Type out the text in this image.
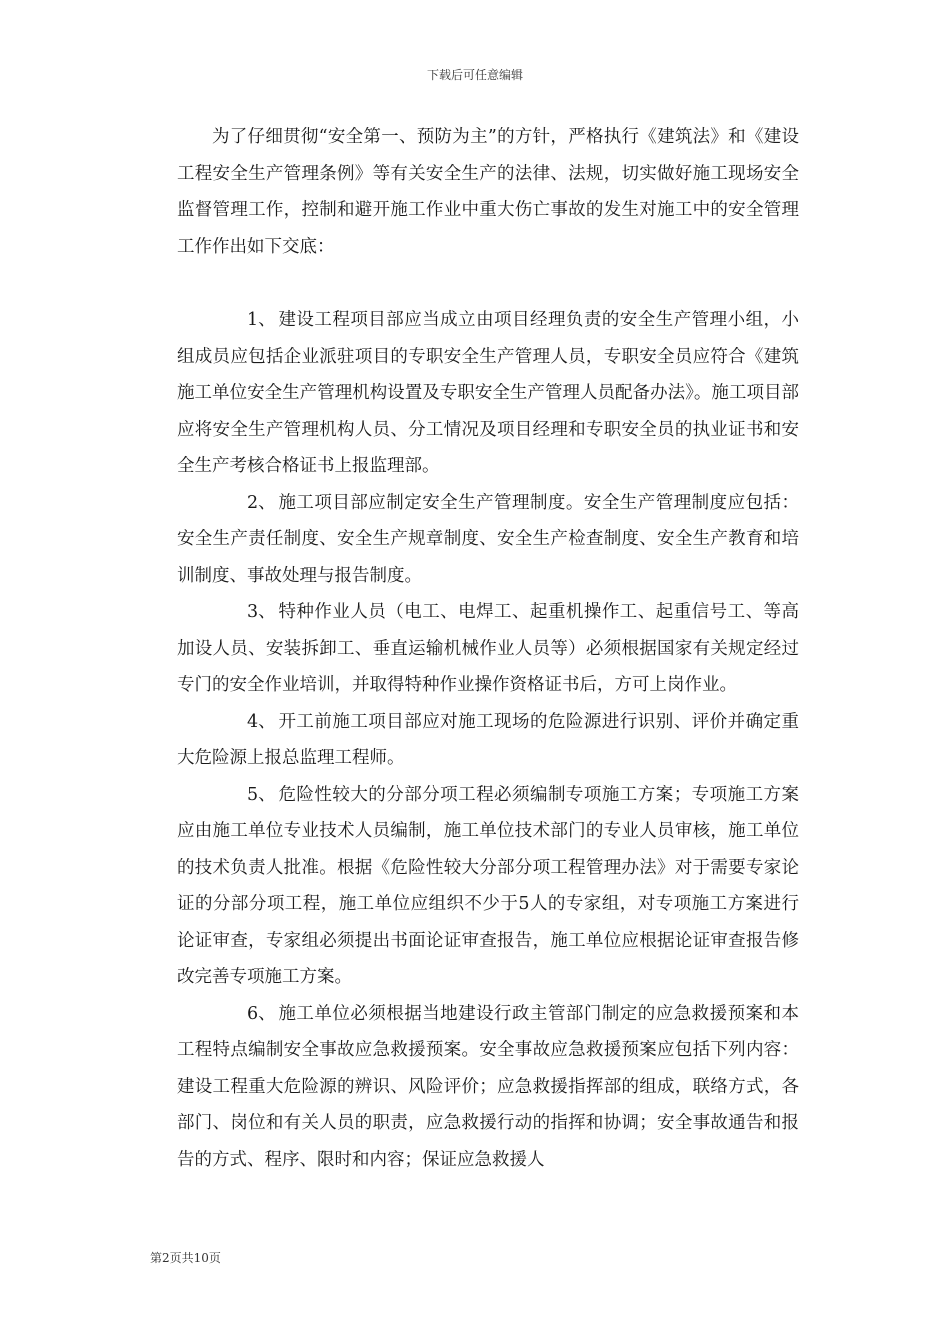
下载后可任意编辑

为了仔细贯彻“安全第一、预防为主”的方针，严格执行《建筑法》和《建设工程安全生产管理条例》等有关安全生产的法律、法规，切实做好施工现场安全监督管理工作，控制和避开施工作业中重大伤亡事故的发生对施工中的安全管理工作作出如下交底：

1、 建设工程项目部应当成立由项目经理负责的安全生产管理小组，小组成员应包括企业派驻项目的专职安全生产管理人员，专职安全员应符合《建筑施工单位安全生产管理机构设置及专职安全生产管理人员配备办法》。施工项目部应将安全生产管理机构人员、分工情况及项目经理和专职安全员的执业证书和安全生产考核合格证书上报监理部。

2、 施工项目部应制定安全生产管理制度。安全生产管理制度应包括：安全生产责任制度、安全生产规章制度、安全生产检查制度、安全生产教育和培训制度、事故处理与报告制度。

3、 特种作业人员（电工、电焊工、起重机操作工、起重信号工、等高加设人员、安装拆卸工、垂直运输机械作业人员等）必须根据国家有关规定经过专门的安全作业培训，并取得特种作业操作资格证书后，方可上岗作业。

4、 开工前施工项目部应对施工现场的危险源进行识别、评价并确定重大危险源上报总监理工程师。

5、 危险性较大的分部分项工程必须编制专项施工方案；专项施工方案应由施工单位专业技术人员编制，施工单位技术部门的专业人员审核，施工单位的技术负责人批准。根据《危险性较大分部分项工程管理办法》对于需要专家论证的分部分项工程，施工单位应组织不少于5人的专家组，对专项施工方案进行论证审查，专家组必须提出书面论证审查报告，施工单位应根据论证审查报告修改完善专项施工方案。

6、 施工单位必须根据当地建设行政主管部门制定的应急救援预案和本工程特点编制安全事故应急救援预案。安全事故应急救援预案应包括下列内容：建设工程重大危险源的辨识、风险评价；应急救援指挥部的组成，联络方式，各部门、岗位和有关人员的职责，应急救援行动的指挥和协调；安全事故通告和报告的方式、程序、限时和内容；保证应急救援人

第2页共10页
